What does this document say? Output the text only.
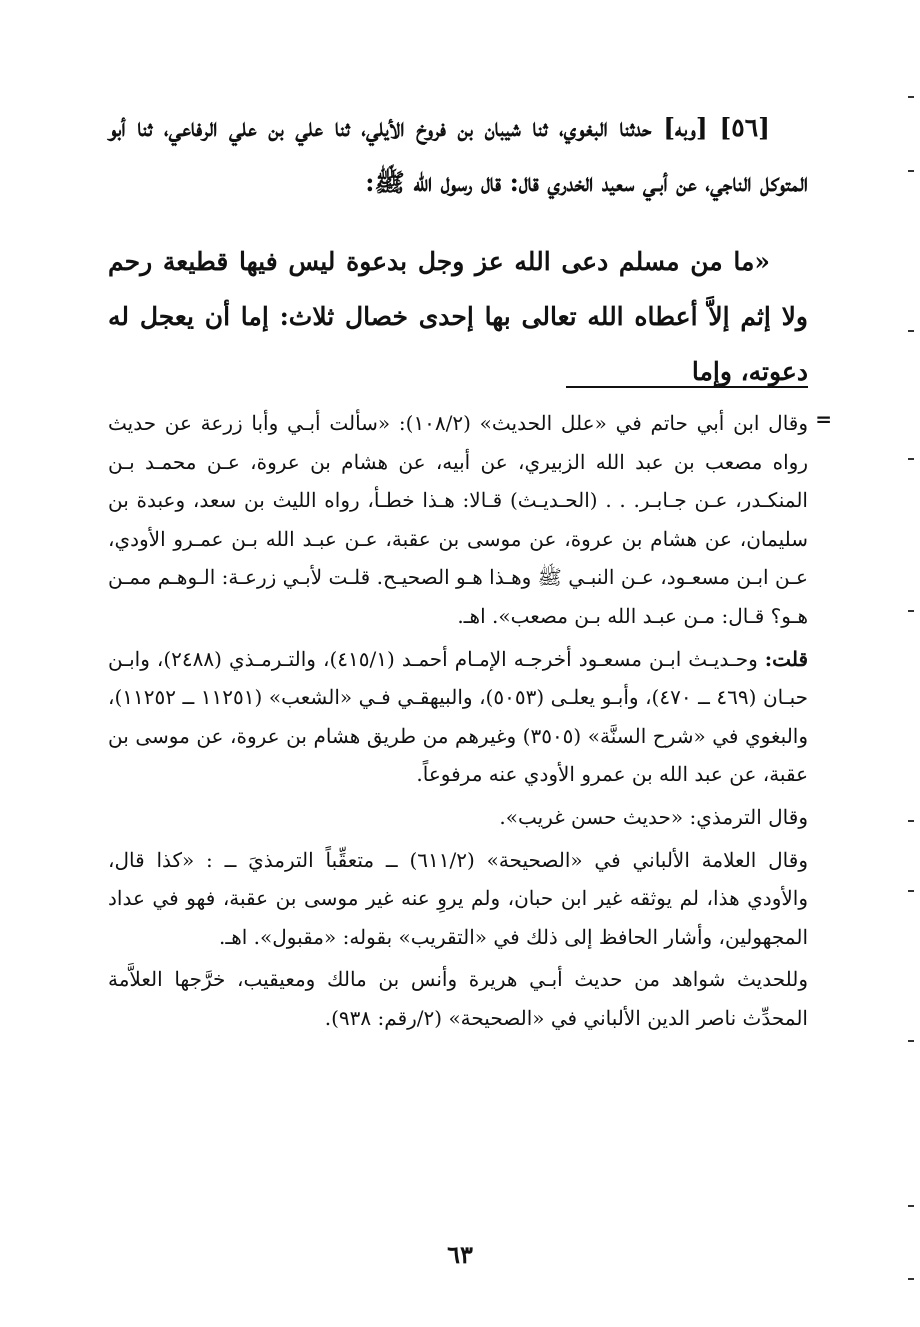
[٥٦] [وبه] حدثنا البغوي، ثنا شيبان بن فروخ الأيلي، ثنا علي بن علي الرفاعي، ثنا أبو المتوكل الناجي، عن أبـي سعيد الخدري قال: قال رسول الله ﷺ:

«ما من مسلم دعى الله عز وجل بدعوة ليس فيها قطيعة رحم ولا إثم إلاَّ أعطاه الله تعالى بها إحدى خصال ثلاث: إما أن يعجل له دعوته، وإما

=

وقال ابن أبي حاتم في «علل الحديث» (١٠٨/٢): «سألت أبـي وأبا زرعة عن حديث رواه مصعب بن عبد الله الزبيري، عن أبيه، عن هشام بن عروة، عـن محمـد بـن المنكـدر، عـن جـابـر. . . (الحـديـث) قـالا: هـذا خطـأ، رواه الليث بن سعد، وعبدة بن سليمان، عن هشام بن عروة، عن موسى بن عقبة، عـن عبـد الله بـن عمـرو الأودي، عـن ابـن مسعـود، عـن النبـي ﷺ وهـذا هـو الصحيـح. قلـت لأبـي زرعـة: الـوهـم ممـن هـو؟ قـال: مـن عبـد الله بـن مصعب». اهـ.

قلت: وحـديـث ابـن مسعـود أخرجـه الإمـام أحمـد (٤١٥/١)، والتـرمـذي (٢٤٨٨)، وابـن حبـان (٤٦٩ ــ ٤٧٠)، وأبـو يعلـى (٥٠٥٣)، والبيهقـي فـي «الشعب» (١١٢٥١ ــ ١١٢٥٢)، والبغوي في «شرح السنَّة» (٣٥٠٥) وغيرهم من طريق هشام بن عروة، عن موسى بن عقبة، عن عبد الله بن عمرو الأودي عنه مرفوعاً.

وقال الترمذي: «حديث حسن غريب».

وقال العلامة الألباني في «الصحيحة» (٦١١/٢) ــ متعقِّباً الترمذيَ ــ : «كذا قال، والأودي هذا، لم يوثقه غير ابن حبان، ولم يروِ عنه غير موسى بن عقبة، فهو في عداد المجهولين، وأشار الحافظ إلى ذلك في «التقريب» بقوله: «مقبول». اهـ.

وللحديث شواهد من حديث أبـي هريرة وأنس بن مالك ومعيقيب، خرَّجها العلاَّمة المحدِّث ناصر الدين الألباني في «الصحيحة» (٢/رقم: ٩٣٨).

٦٣
